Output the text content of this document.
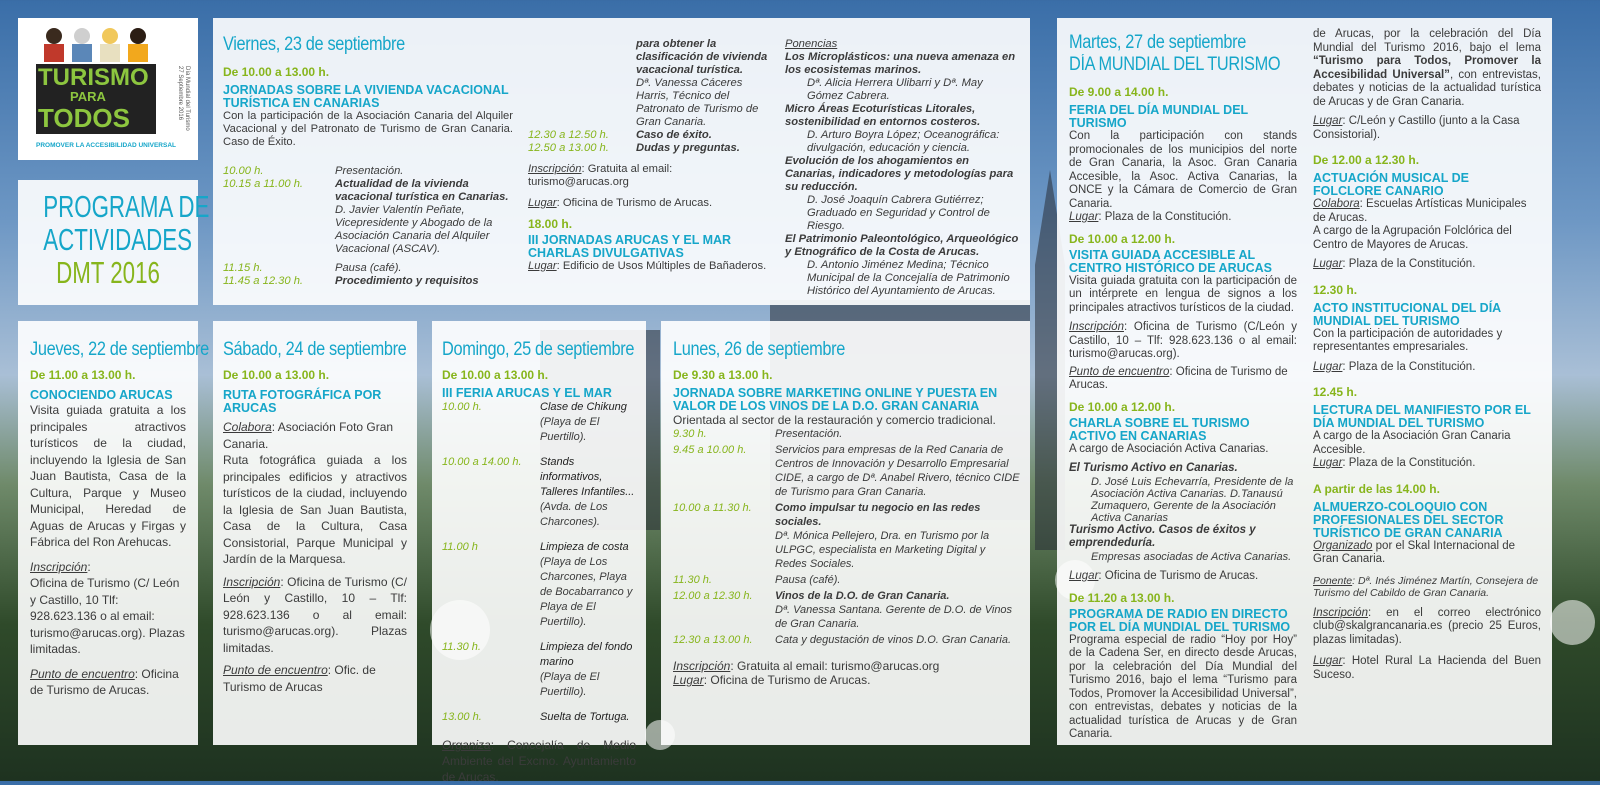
TURISMO
PARA
TODOS	Día Mundial del Turismo
27 Septiembre 2016
PROMOVER LA ACCESIBILIDAD UNIVERSAL
PROGRAMA DE
ACTIVIDADES
DMT 2016
Viernes, 23 de septiembre
De 10.00 a 13.00 h.
JORNADAS SOBRE LA VIVIENDA VACACIONAL TURÍSTICA EN CANARIAS

Con la participación de la Asociación Canaria del Alquiler Vacacional y del Patronato de Turismo de Gran Canaria. Caso de Éxito.

10.00 h.	Presentación.
10.15 a 11.00 h.	Actualidad de la vivienda vacacional turística en Canarias.
D. Javier Valentín Peñate, Vicepresidente y Abogado de la Asociación Canaria del Alquiler Vacacional (ASCAV).
11.15 h.	Pausa (café).
11.45 a 12.30 h.	Procedimiento y requisitos
para obtener la clasificación de vivienda vacacional turística.
Dª. Vanessa Cáceres Harris, Técnico del Patronato de Turismo de Gran Canaria.
12.30 a 12.50 h.	Caso de éxito.
12.50 a 13.00 h.	Dudas y preguntas.

Inscripción: Gratuita al email: turismo@arucas.org

Lugar: Oficina de Turismo de Arucas.

18.00 h.
III JORNADAS ARUCAS Y EL MAR CHARLAS DIVULGATIVAS

Lugar: Edificio de Usos Múltiples de Bañaderos.

Ponencias
Los Microplásticos: una nueva amenaza en los ecosistemas marinos.
Dª. Alicia Herrera Ulibarri y Dª. May Gómez Cabrera.
Micro Áreas Ecoturísticas Litorales, sostenibilidad en entornos costeros.
D. Arturo Boyra López; Oceanográfica: divulgación, educación y ciencia.
Evolución de los ahogamientos en Canarias, indicadores y metodologías para su reducción.
D. José Joaquín Cabrera Gutiérrez; Graduado en Seguridad y Control de Riesgo.
El Patrimonio Paleontológico, Arqueológico y Etnográfico de la Costa de Arucas.
D. Antonio Jiménez Medina; Técnico Municipal de la Concejalía de Patrimonio Histórico del Ayuntamiento de Arucas.
Jueves, 22 de septiembre
De 11.00 a 13.00 h.
CONOCIENDO ARUCAS

Visita guiada gratuita a los principales atractivos turísticos de la ciudad, incluyendo la Iglesia de San Juan Bautista, Casa de la Cultura, Parque y Museo Municipal, Heredad de Aguas de Arucas y Firgas y Fábrica del Ron Arehucas.

Inscripción:

Oficina de Turismo (C/ León y Castillo, 10 Tlf: 928.623.136 o al email: turismo@arucas.org). Plazas limitadas.

Punto de encuentro: Oficina de Turismo de Arucas.

Sábado, 24 de septiembre
De 10.00 a 13.00 h.
RUTA FOTOGRÁFICA POR ARUCAS

Colabora: Asociación Foto Gran Canaria.

Ruta fotográfica guiada a los principales edificios y atractivos turísticos de la ciudad, incluyendo la Iglesia de San Juan Bautista, Casa de la Cultura, Casa Consistorial, Parque Municipal y Jardín de la Marquesa.

Inscripción: Oficina de Turismo (C/ León y Castillo, 10 – Tlf: 928.623.136 o al email: turismo@arucas.org). Plazas limitadas.

Punto de encuentro: Ofic. de Turismo de Arucas

Domingo, 25 de septiembre
De 10.00 a 13.00 h.
III FERIA ARUCAS Y EL MAR
10.00 h.	Clase de Chikung
(Playa de El Puertillo).
10.00 a 14.00 h.	Stands informativos, Talleres Infantiles...
(Avda. de Los Charcones).
11.00 h	Limpieza de costa
(Playa de Los Charcones, Playa de Bocabarranco y Playa de El Puertillo).
11.30 h.	Limpieza del fondo marino
(Playa de El Puertillo).
13.00 h.	Suelta de Tortuga.

Organiza: Concejalía de Medio Ambiente del Excmo. Ayuntamiento de Arucas.

Lunes, 26 de septiembre
De 9.30 a 13.00 h.
JORNADA SOBRE MARKETING ONLINE Y PUESTA EN VALOR DE LOS VINOS DE LA D.O. GRAN CANARIA

Orientada al sector de la restauración y comercio tradicional.

9.30 h.	Presentación.
9.45 a 10.00 h.	Servicios para empresas de la Red Canaria de Centros de Innovación y Desarrollo Empresarial CIDE, a cargo de Dª. Anabel Rivero, técnico CIDE de Turismo para Gran Canaria.
10.00 a 11.30 h.	Como impulsar tu negocio en las redes sociales.
Dª. Mónica Pellejero, Dra. en Turismo por la ULPGC, especialista en Marketing Digital y Redes Sociales.
11.30 h.	Pausa (café).
12.00 a 12.30 h.	Vinos de la D.O. de Gran Canaria.
Dª. Vanessa Santana. Gerente de D.O. de Vinos de Gran Canaria.
12.30 a 13.00 h.	Cata y degustación de vinos D.O. Gran Canaria.

Inscripción: Gratuita al email: turismo@arucas.org

Lugar: Oficina de Turismo de Arucas.

Martes, 27 de septiembre
DÍA MUNDIAL DEL TURISMO
De 9.00 a 14.00 h.
FERIA DEL DÍA MUNDIAL DEL TURISMO

Con la participación con stands promocionales de los municipios del norte de Gran Canaria, la Asoc. Gran Canaria Accesible, la Asoc. Activa Canarias, la ONCE y la Cámara de Comercio de Gran Canaria.

Lugar: Plaza de la Constitución.

De 10.00 a 12.00 h.
VISITA GUIADA ACCESIBLE AL CENTRO HISTÓRICO DE ARUCAS

Visita guiada gratuita con la participación de un intérprete en lengua de signos a los principales atractivos turísticos de la ciudad.

Inscripción: Oficina de Turismo (C/León y Castillo, 10 – Tlf: 928.623.136 o al email: turismo@arucas.org).

Punto de encuentro: Oficina de Turismo de Arucas.

De 10.00 a 12.00 h.
CHARLA SOBRE EL TURISMO ACTIVO EN CANARIAS

A cargo de Asociación Activa Canarias.

El Turismo Activo en Canarias.
D. José Luis Echevarría, Presidente de la Asociación Activa Canarias. D.Tanausú Zumaquero, Gerente de la Asociación Activa Canarias
Turismo Activo. Casos de éxitos y emprendeduría.
Empresas asociadas de Activa Canarias.

Lugar: Oficina de Turismo de Arucas.

De 11.20 a 13.00 h.
PROGRAMA DE RADIO EN DIRECTO POR EL DÍA MUNDIAL DEL TURISMO

Programa especial de radio “Hoy por Hoy” de la Cadena Ser, en directo desde Arucas, por la celebración del Día Mundial del Turismo 2016, bajo el lema “Turismo para Todos, Promover la Accesibilidad Universal”, con entrevistas, debates y noticias de la actualidad turística de Arucas y de Gran Canaria.

de Arucas, por la celebración del Día Mundial del Turismo 2016, bajo el lema “Turismo para Todos, Promover la Accesibilidad Universal”, con entrevistas, debates y noticias de la actualidad turística de Arucas y de Gran Canaria.

Lugar: C/León y Castillo (junto a la Casa Consistorial).

De 12.00 a 12.30 h.
ACTUACIÓN MUSICAL DE FOLCLORE CANARIO

Colabora: Escuelas Artísticas Municipales de Arucas.

A cargo de la Agrupación Folclórica del Centro de Mayores de Arucas.

Lugar: Plaza de la Constitución.

12.30 h.
ACTO INSTITUCIONAL DEL DÍA MUNDIAL DEL TURISMO

Con la participación de autoridades y representantes empresariales.

Lugar: Plaza de la Constitución.

12.45 h.
LECTURA DEL MANIFIESTO POR EL DÍA MUNDIAL DEL TURISMO

A cargo de la Asociación Gran Canaria Accesible.

Lugar: Plaza de la Constitución.

A partir de las 14.00 h.
ALMUERZO-COLOQUIO CON PROFESIONALES DEL SECTOR TURÍSTICO DE GRAN CANARIA

Organizado por el Skal Internacional de Gran Canaria.

Ponente: Dª. Inés Jiménez Martín, Consejera de Turismo del Cabildo de Gran Canaria.

Inscripción: en el correo electrónico club@skalgrancanaria.es (precio 25 Euros, plazas limitadas).

Lugar: Hotel Rural La Hacienda del Buen Suceso.
